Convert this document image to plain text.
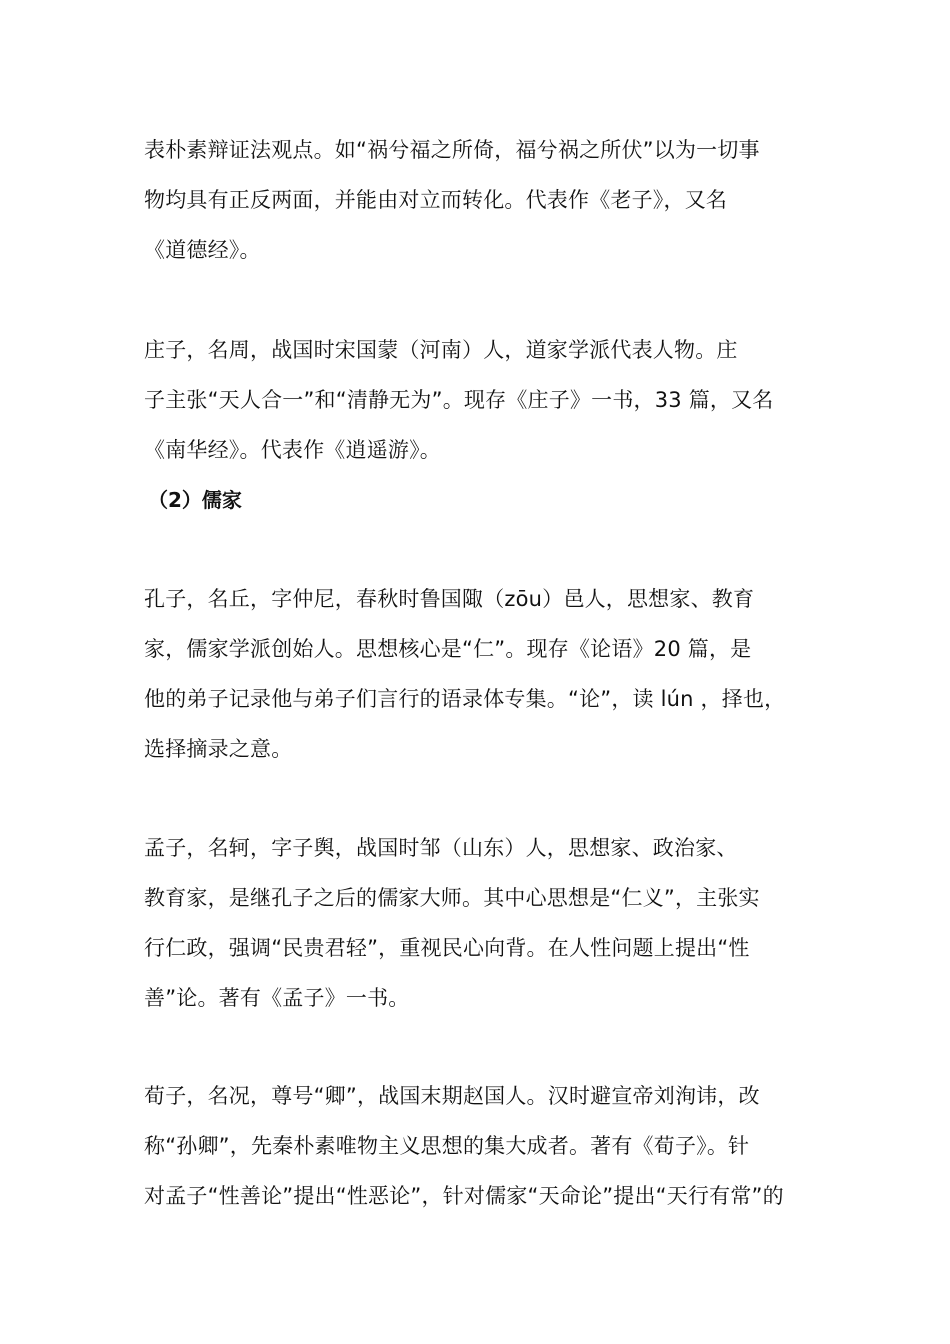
表朴素辩证法观点。如“祸兮福之所倚，福兮祸之所伏”以为一切事
物均具有正反两面，并能由对立而转化。代表作《老子》，又名
《道德经》。
庄子，名周，战国时宋国蒙（河南）人，道家学派代表人物。庄
子主张“天人合一”和“清静无为”。现存《庄子》一书，33 篇，又名
《南华经》。代表作《逍遥游》。
（2）儒家
孔子，名丘，字仲尼，春秋时鲁国陬（zōu）邑人，思想家、教育
家，儒家学派创始人。思想核心是“仁”。现存《论语》20 篇，是
他的弟子记录他与弟子们言行的语录体专集。“论”，读 lún ，择也，
选择摘录之意。
孟子，名轲，字子舆，战国时邹（山东）人，思想家、政治家、
教育家，是继孔子之后的儒家大师。其中心思想是“仁义”，主张实
行仁政，强调“民贵君轻”，重视民心向背。在人性问题上提出“性
善”论。著有《孟子》一书。
荀子，名况，尊号“卿”，战国末期赵国人。汉时避宣帝刘洵讳，改
称“孙卿”，先秦朴素唯物主义思想的集大成者。著有《荀子》。针
对孟子“性善论”提出“性恶论”，针对儒家“天命论”提出“天行有常”的
